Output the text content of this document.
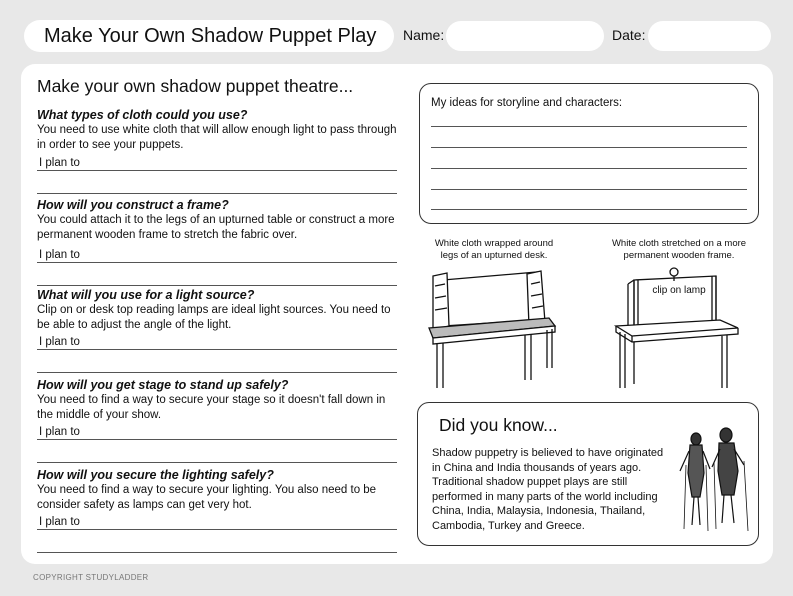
Make Your Own Shadow Puppet Play Name:	Date:
Make your own shadow puppet theatre...
What types of cloth could you use?

You need to use white cloth that will allow enough light to pass through in order to see your puppets.

I plan to
How will you construct a frame?

You could attach it to the legs of an upturned table or construct a more permanent wooden frame to stretch the fabric over.

I plan to
What will you use for a light source?

Clip on or desk top reading lamps are ideal light sources. You need to be able to adjust the angle of the light.

I plan to
How will you get stage to stand up safely?

You need to find a way to secure your stage so it doesn't fall down in the middle of your show.

I plan to
How will you secure the lighting safely?

You need to find a way to secure your lighting. You also need to be consider safety as lamps can get very hot.

I plan to
My ideas for storyline and characters:
White cloth wrapped around legs of an upturned desk.
White cloth stretched on a more permanent wooden frame.
clip on lamp
Did you know...

Shadow puppetry is believed to have originated in China and India thousands of years ago. Traditional shadow puppet plays are still performed in many parts of the world including China, India, Malaysia, Indonesia, Thailand, Cambodia, Turkey and Greece.

COPYRIGHT STUDYLADDER
